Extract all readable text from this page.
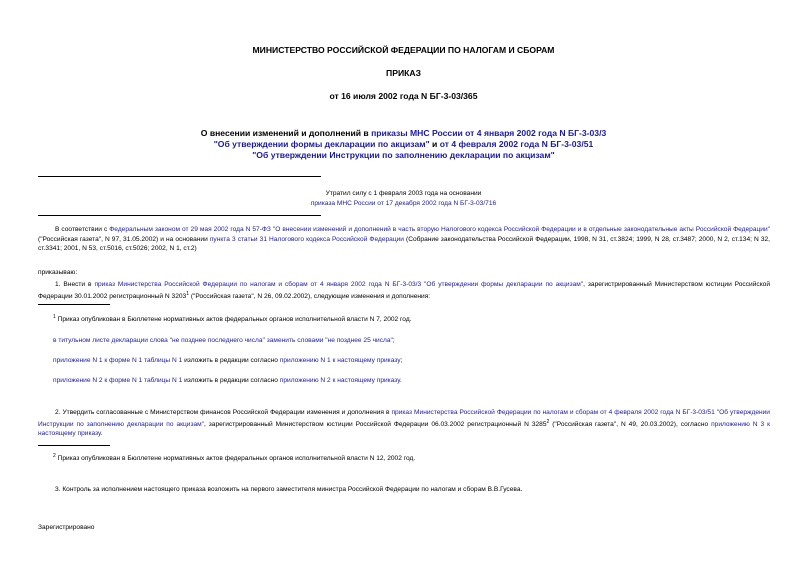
МИНИСТЕРСТВО РОССИЙСКОЙ ФЕДЕРАЦИИ ПО НАЛОГАМ И СБОРАМ
ПРИКАЗ
от 16 июля 2002 года N БГ-3-03/365
О внесении изменений и дополнений в приказы МНС России от 4 января 2002 года N БГ-3-03/3
"Об утверждении формы декларации по акцизам" и от 4 февраля 2002 года N БГ-3-03/51
"Об утверждении Инструкции по заполнению декларации по акцизам"
Утратил силу с 1 февраля 2003 года на основании
приказа МНС России от 17 декабря 2002 года N БГ-3-03/716
В соответствии с Федеральным законом от 29 мая 2002 года N 57-ФЗ "О внесении изменений и дополнений в часть вторую Налогового кодекса Российской Федерации и в отдельные законодательные акты Российской Федерации" ("Российская газета", N 97, 31.05.2002) и на основании пункта 3 статьи 31 Налогового кодекса Российской Федерации (Собрание законодательства Российской Федерации, 1998, N 31, ст.3824; 1999, N 28, ст.3487; 2000, N 2, ст.134; N 32, ст.3341; 2001, N 53, ст.5016, ст.5026; 2002, N 1, ст.2)
приказываю:
1. Внести в приказ Министерства Российской Федерации по налогам и сборам от 4 января 2002 года N БГ-3-03/3 "Об утверждении формы декларации по акцизам", зарегистрированный Министерством юстиции Российской Федерации 30.01.2002 регистрационный N 3203$^1$ ("Российская газета", N 26, 09.02.2002), следующие изменения и дополнения:
$^1$ Приказ опубликован в Бюллетене нормативных актов федеральных органов исполнительной власти N 7, 2002 год.
в титульном листе декларации слова "не позднее последнего числа" заменить словами "не позднее 25 числа";
приложение N 1 к форме N 1 таблицы N 1 изложить в редакции согласно приложению N 1 к настоящему приказу;
приложение N 2 к форме N 1 таблицы N 1 изложить в редакции согласно приложению N 2 к настоящему приказу.
2. Утвердить согласованные с Министерством финансов Российской Федерации изменения и дополнения в приказ Министерства Российской Федерации по налогам и сборам от 4 февраля 2002 года N БГ-3-03/51 "Об утверждении Инструкции по заполнению декларации по акцизам", зарегистрированный Министерством юстиции Российской Федерации 06.03.2002 регистрационный N 3285$^2$ ("Российская газета", N 49, 20.03.2002), согласно приложению N 3 к настоящему приказу.
$^2$ Приказ опубликован в Бюллетене нормативных актов федеральных органов исполнительной власти N 12, 2002 год.
3. Контроль за исполнением настоящего приказа возложить на первого заместителя министра Российской Федерации по налогам и сборам В.В.Гусева.
Зарегистрировано
